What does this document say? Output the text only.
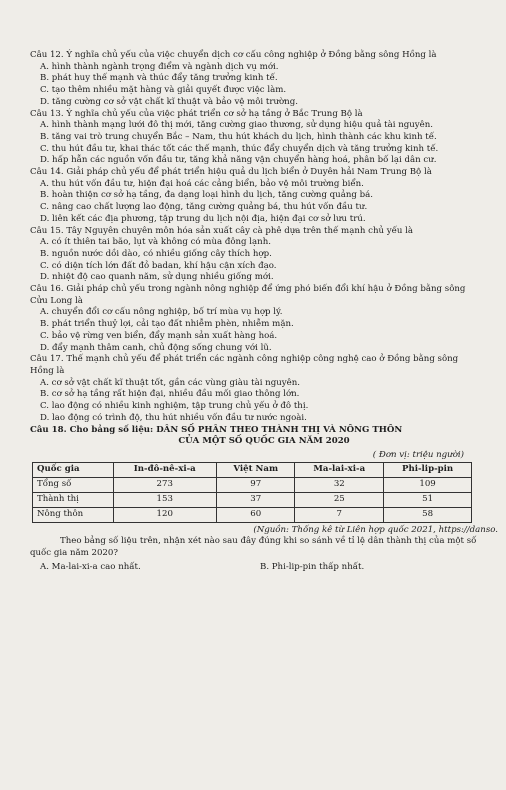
Câu 12. Ý nghĩa chủ yếu của việc chuyển dịch cơ cấu công nghiệp ở Đồng bằng sông Hồng là

A. hình thành ngành trọng điểm và ngành dịch vụ mới.

B. phát huy thế mạnh và thúc đẩy tăng trưởng kinh tế.

C. tạo thêm nhiều mặt hàng và giải quyết được việc làm.

D. tăng cường cơ sở vật chất kĩ thuật và bảo vệ môi trường.

Câu 13. Ý nghĩa chủ yếu của việc phát triển cơ sở hạ tầng ở Bắc Trung Bộ là

A. hình thành mạng lưới đô thị mới, tăng cường giao thương, sử dụng hiệu quả tài nguyên.

B. tăng vai trò trung chuyển Bắc – Nam, thu hút khách du lịch, hình thành các khu kinh tế.

C. thu hút đầu tư, khai thác tốt các thế mạnh, thúc đẩy chuyển dịch và tăng trưởng kinh tế.

D. hấp hẫn các nguồn vốn đầu tư, tăng khả năng vận chuyển hàng hoá, phân bố lại dân cư.

Câu 14. Giải pháp chủ yếu để phát triển hiệu quả du lịch biển ở Duyên hải Nam Trung Bộ là

A. thu hút vốn đầu tư, hiện đại hoá các cảng biển, bảo vệ môi trường biển.

B. hoàn thiện cơ sở hạ tầng, đa dạng loại hình du lịch, tăng cường quảng bá.

C. nâng cao chất lượng lao động, tăng cường quảng bá, thu hút vốn đầu tư.

D. liên kết các địa phương, tập trung du lịch nội địa, hiện đại cơ sở lưu trú.

Câu 15. Tây Nguyên chuyên môn hóa sản xuất cây cà phê dựa trên thế mạnh chủ yếu là

A. có ít thiên tai bão, lụt và không có mùa đông lạnh.

B. nguồn nước dồi dào, có nhiều giống cây thích hợp.

C. có diện tích lớn đất đỏ badan, khí hậu cận xích đạo.

D. nhiệt độ cao quanh năm, sử dụng nhiều giống mới.

Câu 16. Giải pháp chủ yếu trong ngành nông nghiệp để ứng phó biến đổi khí hậu ở Đồng bằng sông

Cửu Long là

A. chuyển đổi cơ cấu nông nghiệp, bố trí mùa vụ hợp lý.

B. phát triển thuỷ lợi, cải tạo đất nhiễm phèn, nhiễm mặn.

C. bảo vệ rừng ven biển, đẩy mạnh sản xuất hàng hoá.

D. đẩy mạnh thâm canh, chủ động sống chung với lũ.

Câu 17. Thế mạnh chủ yếu để phát triển các ngành công nghiệp công nghệ cao ở Đồng bằng sông

Hồng là

A. cơ sở vật chất kĩ thuật tốt, gần các vùng giàu tài nguyên.

B. cơ sở hạ tầng rất hiện đại, nhiều đầu mối giao thông lớn.

C. lao động có nhiều kinh nghiệm, tập trung chủ yếu ở đô thị.

D. lao động có trình độ, thu hút nhiều vốn đầu tư nước ngoài.

Câu 18. Cho bảng số liệu: DÂN SỐ PHÂN THEO THÀNH THỊ VÀ NÔNG THÔN

CỦA MỘT SỐ QUỐC GIA NĂM 2020

( Đơn vị: triệu người)

Quốc gia	In-đô-nê-xi-a	Việt Nam	Ma-lai-xi-a	Phi-lip-pin
Tổng số	273	97	32	109
Thành thị	153	37	25	51
Nông thôn	120	60	7	58

(Nguồn: Thống kê từ Liên hợp quốc 2021, https://danso.

Theo bảng số liệu trên, nhận xét nào sau đây đúng khi so sánh về tỉ lệ dân thành thị của một số

quốc gia năm 2020?

A. Ma-lai-xi-a cao nhất.	B. Phi-lip-pin thấp nhất.
